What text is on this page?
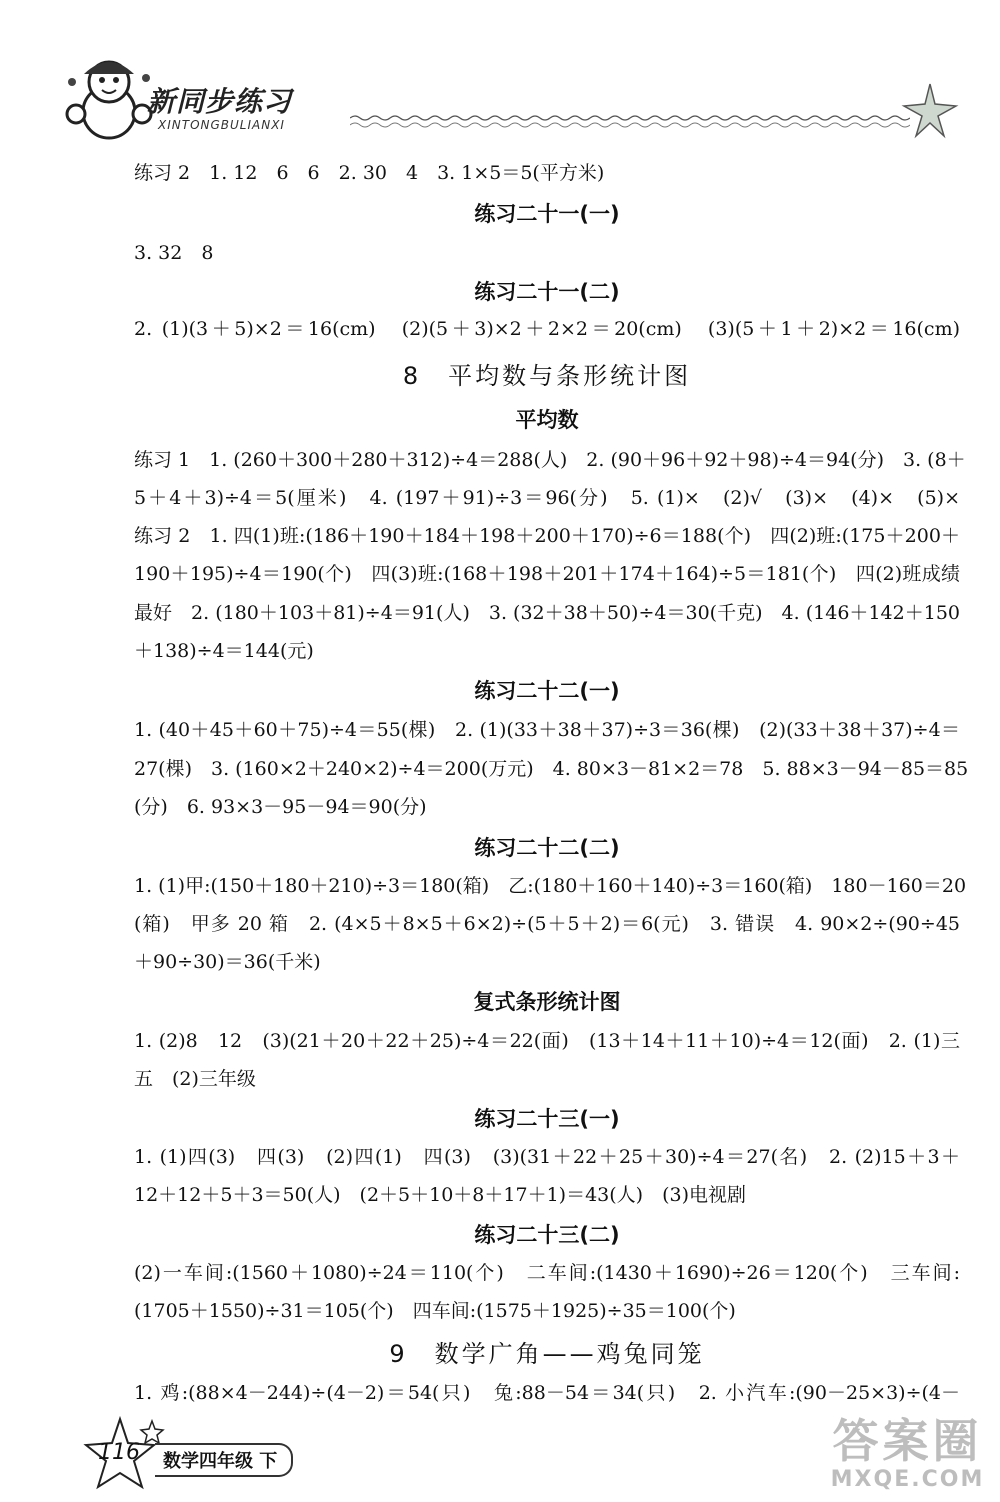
新同步练习
XINTONGBULIANXI
练习 2　1. 12　6　6　2. 30　4　3. 1×5＝5(平方米)
练习二十一(一)
3. 32　8
练习二十一(二)
2. (1)(3＋5)×2＝16(cm)　(2)(5＋3)×2＋2×2＝20(cm)　(3)(5＋1＋2)×2＝16(cm)
8　平均数与条形统计图
平均数
练习 1　1. (260＋300＋280＋312)÷4＝288(人)　2. (90＋96＋92＋98)÷4＝94(分)　3. (8＋
5＋4＋3)÷4＝5(厘米)　4. (197＋91)÷3＝96(分)　5. (1)×　(2)√　(3)×　(4)×　(5)×
练习 2　1. 四(1)班:(186＋190＋184＋198＋200＋170)÷6＝188(个)　四(2)班:(175＋200＋
190＋195)÷4＝190(个)　四(3)班:(168＋198＋201＋174＋164)÷5＝181(个)　四(2)班成绩
最好　2. (180＋103＋81)÷4＝91(人)　3. (32＋38＋50)÷4＝30(千克)　4. (146＋142＋150
＋138)÷4＝144(元)
练习二十二(一)
1. (40＋45＋60＋75)÷4＝55(棵)　2. (1)(33＋38＋37)÷3＝36(棵)　(2)(33＋38＋37)÷4＝
27(棵)　3. (160×2＋240×2)÷4＝200(万元)　4. 80×3－81×2＝78　5. 88×3－94－85＝85
(分)　6. 93×3－95－94＝90(分)
练习二十二(二)
1. (1)甲:(150＋180＋210)÷3＝180(箱)　乙:(180＋160＋140)÷3＝160(箱)　180－160＝20
(箱)　甲多 20 箱　2. (4×5＋8×5＋6×2)÷(5＋5＋2)＝6(元)　3. 错误　4. 90×2÷(90÷45
＋90÷30)＝36(千米)
复式条形统计图
1. (2)8　12　(3)(21＋20＋22＋25)÷4＝22(面)　(13＋14＋11＋10)÷4＝12(面)　2. (1)三
五　(2)三年级
练习二十三(一)
1. (1)四(3)　四(3)　(2)四(1)　四(3)　(3)(31＋22＋25＋30)÷4＝27(名)　2. (2)15＋3＋
12＋12＋5＋3＝50(人)　(2＋5＋10＋8＋17＋1)＝43(人)　(3)电视剧
练习二十三(二)
(2)一车间:(1560＋1080)÷24＝110(个)　二车间:(1430＋1690)÷26＝120(个)　三车间:
(1705＋1550)÷31＝105(个)　四车间:(1575＋1925)÷35＝100(个)
9　数学广角——鸡兔同笼
1. 鸡:(88×4－244)÷(4－2)＝54(只)　兔:88－54＝34(只)　2. 小汽车:(90－25×3)÷(4－
116	数学四年级 下	答案圈
MXQE.COM
